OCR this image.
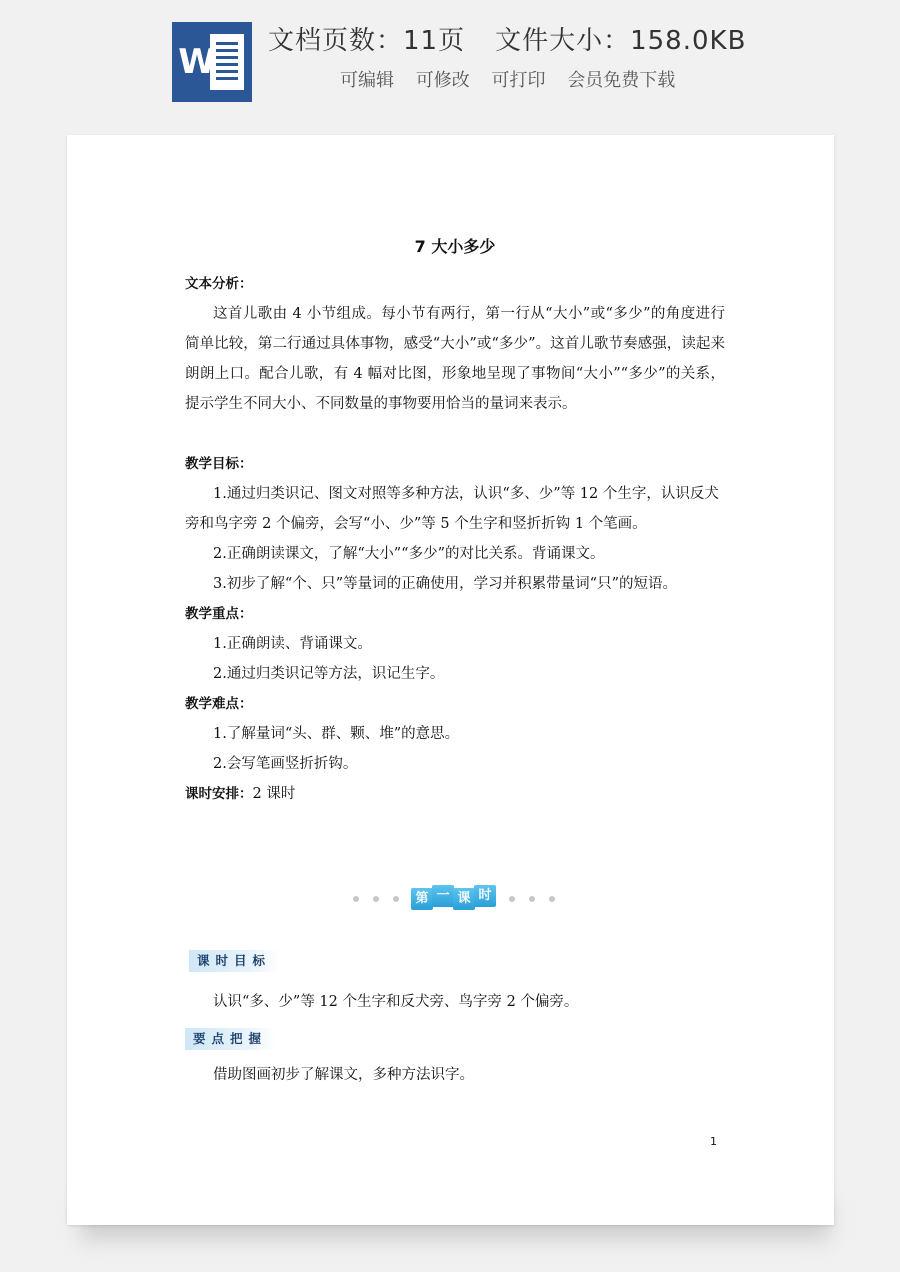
W
文档页数：11页 文件大小：158.0KB
可编辑 可修改 可打印 会员免费下载
7 大小多少
文本分析：
这首儿歌由 4 小节组成。每小节有两行，第一行从“大小”或“多少”的角度进行简单比较，第二行通过具体事物，感受“大小”或“多少”。这首儿歌节奏感强，读起来朗朗上口。配合儿歌，有 4 幅对比图，形象地呈现了事物间“大小”“多少”的关系，提示学生不同大小、不同数量的事物要用恰当的量词来表示。
教学目标：
1.通过归类识记、图文对照等多种方法，认识“多、少”等 12 个生字，认识反犬旁和鸟字旁 2 个偏旁，会写“小、少”等 5 个生字和竖折折钩 1 个笔画。
2.正确朗读课文，了解“大小”“多少”的对比关系。背诵课文。
3.初步了解“个、只”等量词的正确使用，学习并积累带量词“只”的短语。
教学重点：
1.正确朗读、背诵课文。
2.通过归类识记等方法，识记生字。
教学难点：
1.了解量词“头、群、颗、堆”的意思。
2.会写笔画竖折折钩。
课时安排：2 课时
第 一 课 时
课时目标
认识“多、少”等 12 个生字和反犬旁、鸟字旁 2 个偏旁。
要点把握
借助图画初步了解课文，多种方法识字。
1
